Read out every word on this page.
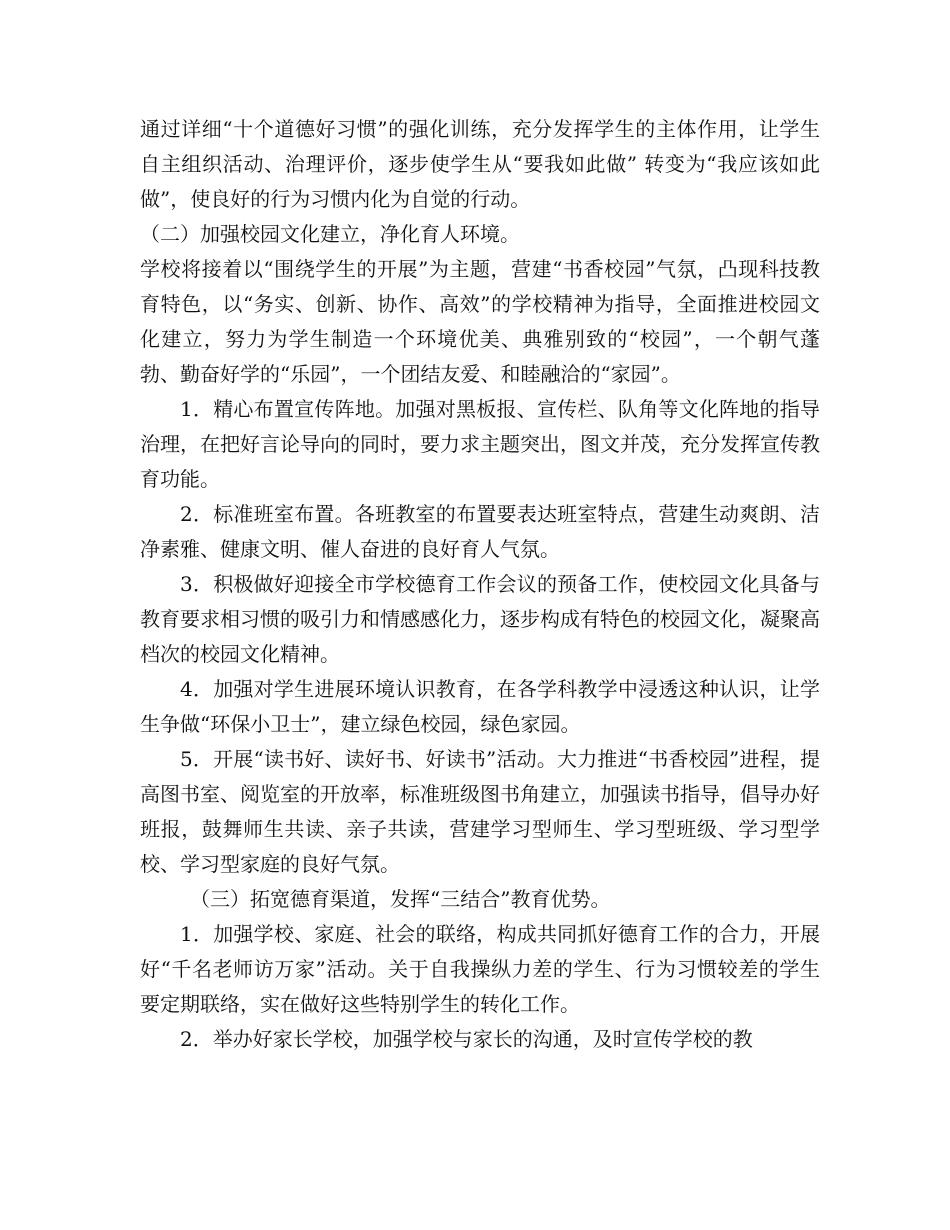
通过详细“十个道德好习惯”的强化训练，充分发挥学生的主体作用，让学生自主组织活动、治理评价，逐步使学生从“要我如此做” 转变为“我应该如此做”，使良好的行为习惯内化为自觉的行动。

（二）加强校园文化建立，净化育人环境。

学校将接着以“围绕学生的开展”为主题，营建“书香校园”气氛，凸现科技教育特色，以“务实、创新、协作、高效”的学校精神为指导，全面推进校园文化建立，努力为学生制造一个环境优美、典雅别致的“校园”，一个朝气蓬勃、勤奋好学的“乐园”，一个团结友爱、和睦融洽的“家园”。

1．精心布置宣传阵地。加强对黑板报、宣传栏、队角等文化阵地的指导治理，在把好言论导向的同时，要力求主题突出，图文并茂，充分发挥宣传教育功能。

2．标准班室布置。各班教室的布置要表达班室特点，营建生动爽朗、洁净素雅、健康文明、催人奋进的良好育人气氛。

3．积极做好迎接全市学校德育工作会议的预备工作，使校园文化具备与教育要求相习惯的吸引力和情感感化力，逐步构成有特色的校园文化，凝聚高档次的校园文化精神。

4．加强对学生进展环境认识教育，在各学科教学中浸透这种认识，让学生争做“环保小卫士”，建立绿色校园，绿色家园。

5．开展“读书好、读好书、好读书”活动。大力推进“书香校园”进程，提高图书室、阅览室的开放率，标准班级图书角建立，加强读书指导，倡导办好班报，鼓舞师生共读、亲子共读，营建学习型师生、学习型班级、学习型学校、学习型家庭的良好气氛。

（三）拓宽德育渠道，发挥“三结合”教育优势。

1．加强学校、家庭、社会的联络，构成共同抓好德育工作的合力，开展好“千名老师访万家”活动。关于自我操纵力差的学生、行为习惯较差的学生要定期联络，实在做好这些特别学生的转化工作。

2．举办好家长学校，加强学校与家长的沟通，及时宣传学校的教
